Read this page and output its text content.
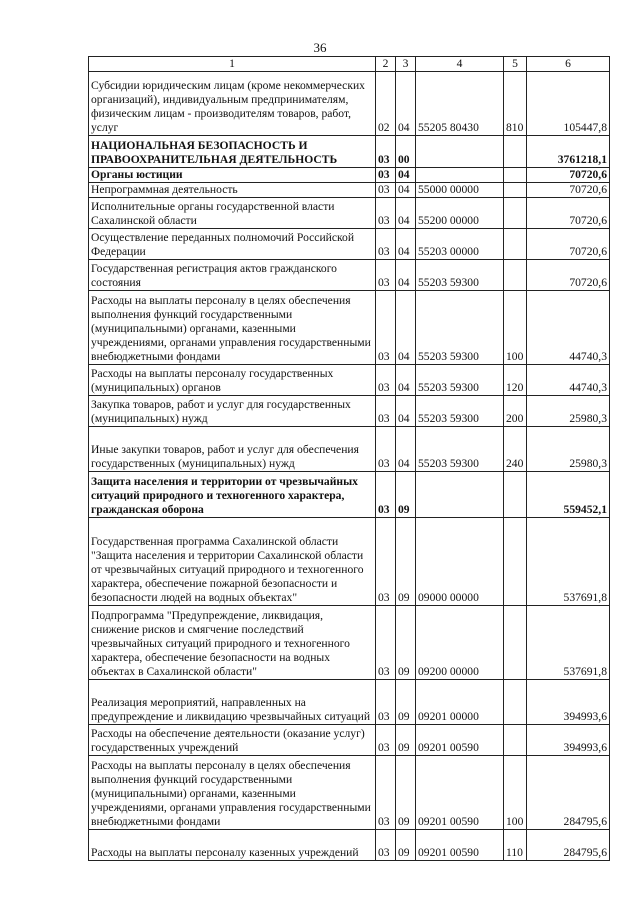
36
1	2	3	4	5	6
Субсидии юридическим лицам (кроме некоммерческих организаций), индивидуальным предпринимателям, физическим лицам - производителям товаров, работ, услуг	02	04	55205 80430	810	105447,8
НАЦИОНАЛЬНАЯ БЕЗОПАСНОСТЬ И ПРАВООХРАНИТЕЛЬНАЯ ДЕЯТЕЛЬНОСТЬ	03	00			3761218,1
Органы юстиции	03	04			70720,6
Непрограммная деятельность	03	04	55000 00000		70720,6
Исполнительные органы государственной власти Сахалинской области	03	04	55200 00000		70720,6
Осуществление переданных полномочий Российской Федерации	03	04	55203 00000		70720,6
Государственная регистрация актов гражданского состояния	03	04	55203 59300		70720,6
Расходы на выплаты персоналу в целях обеспечения выполнения функций государственными (муниципальными) органами, казенными учреждениями, органами управления государственными внебюджетными фондами	03	04	55203 59300	100	44740,3
Расходы на выплаты персоналу государственных (муниципальных) органов	03	04	55203 59300	120	44740,3
Закупка товаров, работ и услуг для государственных (муниципальных) нужд	03	04	55203 59300	200	25980,3
Иные закупки товаров, работ и услуг для обеспечения государственных (муниципальных) нужд	03	04	55203 59300	240	25980,3
Защита населения и территории от чрезвычайных ситуаций природного и техногенного характера, гражданская оборона	03	09			559452,1
Государственная программа Сахалинской области "Защита населения и территории Сахалинской области от чрезвычайных ситуаций природного и техногенного характера, обеспечение пожарной безопасности и безопасности людей на водных объектах"	03	09	09000 00000		537691,8
Подпрограмма "Предупреждение, ликвидация, снижение рисков и смягчение последствий чрезвычайных ситуаций природного и техногенного характера, обеспечение безопасности на водных объектах в Сахалинской области"	03	09	09200 00000		537691,8
Реализация мероприятий, направленных на предупреждение и ликвидацию чрезвычайных ситуаций	03	09	09201 00000		394993,6
Расходы на обеспечение деятельности (оказание услуг) государственных учреждений	03	09	09201 00590		394993,6
Расходы на выплаты персоналу в целях обеспечения выполнения функций государственными (муниципальными) органами, казенными учреждениями, органами управления государственными внебюджетными фондами	03	09	09201 00590	100	284795,6
Расходы на выплаты персоналу казенных учреждений	03	09	09201 00590	110	284795,6
